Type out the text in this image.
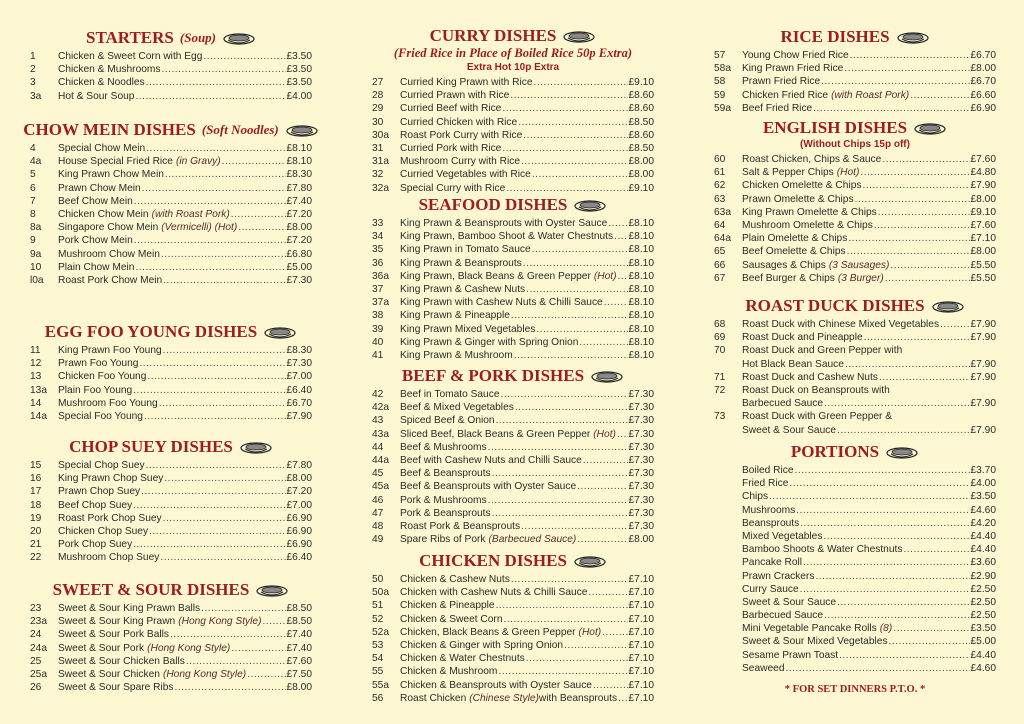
STARTERS (Soup)
1	Chicken & Sweet Corn with Egg .....	£3.50
2	Chicken & Mushrooms .....	£3.50
3	Chicken & Noodles .....	£3.50
3a	Hot & Sour Soup .....	£4.00
CHOW MEIN DISHES (Soft Noodles)
4	Special Chow Mein .....	£8.10
4a	House Special Fried Rice (in Gravy) .....	£8.10
5	King Prawn Chow Mein .....	£8.30
6	Prawn Chow Mein .....	£7.80
7	Beef Chow Mein .....	£7.40
8	Chicken Chow Mein (with Roast Pork) .....	£7.20
8a	Singapore Chow Mein (Vermicelli) (Hot) .....	£8.00
9	Pork Chow Mein .....	£7.20
9a	Mushroom Chow Mein .....	£6.80
10	Plain Chow Mein .....	£5.00
l0a	Roast Pork Chow Mein .....	£7.30
EGG FOO YOUNG DISHES
11	King Prawn Foo Young .....	£8.30
12	Prawn Foo Young .....	£7.30
13	Chicken Foo Young .....	£7.00
13a	Plain Foo Young .....	£6.40
14	Mushroom Foo Young .....	£6.70
14a	Special Foo Young .....	£7.90
CHOP SUEY DISHES
15	Special Chop Suey .....	£7.80
16	King Prawn Chop Suey .....	£8.00
17	Prawn Chop Suey .....	£7.20
18	Beef Chop Suey .....	£7.00
19	Roast Pork Chop Suey .....	£6.90
20	Chicken Chop Suey .....	£6.90
21	Pork Chop Suey .....	£6.90
22	Mushroom Chop Suey .....	£6.40
SWEET & SOUR DISHES
23	Sweet & Sour King Prawn Balls .....	£8.50
23a	Sweet & Sour King Prawn (Hong Kong Style) ..... £8.50
24	Sweet & Sour Pork Balls .....	£7.40
24a	Sweet & Sour Pork (Hong Kong Style) .....	£7.40
25	Sweet & Sour Chicken Balls .....	£7.60
25a	Sweet & Sour Chicken (Hong Kong Style) .....	£7.50
26	Sweet & Sour Spare Ribs .....	£8.00
CURRY DISHES
(Fried Rice in Place of Boiled Rice 50p Extra)
Extra Hot 10p Extra
27	Curried King Prawn with Rice .....	£9.10
28	Curried Prawn with Rice .....	£8.60
29	Curried Beef with Rice .....	£8.60
30	Curried Chicken with Rice .....	£8.50
30a	Roast Pork Curry with Rice .....	£8.60
31	Curried Pork with Rice .....	£8.50
31a	Mushroom Curry with Rice .....	£8.00
32	Curried Vegetables with Rice .....	£8.00
32a	Special Curry with Rice .....	£9.10
SEAFOOD DISHES
33	King Prawn & Beansprouts with Oyster Sauce ..... £8.10
34	King Prawn, Bamboo Shoot & Water Chestnuts ..... £8.10
35	King Prawn in Tomato Sauce .....	£8.10
36	King Prawn & Beansprouts .....	£8.10
36a	King Prawn, Black Beans & Green Pepper (Hot) ..... £8.10
37	King Prawn & Cashew Nuts .....	£8.10
37a	King Prawn with Cashew Nuts & Chilli Sauce .....	£8.10
38	King Prawn & Pineapple .....	£8.10
39	King Prawn Mixed Vegetables .....	£8.10
40	King Prawn & Ginger with Spring Onion .....	£8.10
41	King Prawn & Mushroom .....	£8.10
BEEF & PORK DISHES
42	Beef in Tomato Sauce .....	£7.30
42a	Beef & Mixed Vegetables .....	£7.30
43	Spiced Beef & Onion .....	£7.30
43a	Sliced Beef, Black Beans & Green Pepper (Hot) ..... £7.30
44	Beef & Mushrooms .....	£7.30
44a	Beef with Cashew Nuts and Chilli Sauce .....	£7.30
45	Beef & Beansprouts .....	£7.30
45a	Beef & Beansprouts with Oyster Sauce .....	£7.30
46	Pork & Mushrooms .....	£7.30
47	Pork & Beansprouts .....	£7.30
48	Roast Pork & Beansprouts .....	£7.30
49	Spare Ribs of Pork (Barbecued Sauce) .....	£8.00
CHICKEN DISHES
50	Chicken & Cashew Nuts .....	£7.10
50a	Chicken with Cashew Nuts & Chilli Sauce .....	£7.10
51	Chicken & Pineapple .....	£7.10
52	Chicken & Sweet Corn .....	£7.10
52a	Chicken, Black Beans & Green Pepper (Hot) .....	£7.10
53	Chicken & Ginger with Spring Onion .....	£7.10
54	Chicken & Water Chestnuts .....	£7.10
55	Chicken & Mushroom .....	£7.10
55a	Chicken & Beansprouts with Oyster Sauce .....	£7.10
56	Roast Chicken (Chinese Style) with Beansprouts ..... £7.10
* FOR SET DINNERS P.T.O. *
RICE DISHES
57	Young Chow Fried Rice .....	£6.70
58a	King Prawn Fried Rice .....	£8.00
58	Prawn Fried Rice .....	£6.70
59	Chicken Fried Rice (with Roast Pork) .....	£6.60
59a	Beef Fried Rice .....	£6.90
ENGLISH DISHES
(Without Chips 15p off)
60	Roast Chicken, Chips & Sauce .....	£7.60
61	Salt & Pepper Chips (Hot) .....	£4.80
62	Chicken Omelette & Chips .....	£7.90
63	Prawn Omelette & Chips .....	£8.00
63a	King Prawn Omelette & Chips .....	£9.10
64	Mushroom Omelette & Chips .....	£7.60
64a	Plain Omelette & Chips .....	£7.10
65	Beef Omelette & Chips .....	£8.00
66	Sausages & Chips (3 Sausages) .....	£5.50
67	Beef Burger & Chips (3 Burger) .....	£5.50
ROAST DUCK DISHES
68	Roast Duck with Chinese Mixed Vegetables .....	£7.90
69	Roast Duck and Pineapple .....	£7.90
70	Roast Duck and Green Pepper with
Hot Black Bean Sauce .....	£7.90
71	Roast Duck and Cashew Nuts .....	£7.90
72	Roast Duck on Beansprouts with
Barbecued Sauce .....	£7.90
73	Roast Duck with Green Pepper &
Sweet & Sour Sauce .....	£7.90
PORTIONS
Boiled Rice .....	£3.70
Fried Rice .....	£4.00
Chips .....	£3.50
Mushrooms .....	£4.60
Beansprouts .....	£4.20
Mixed Vegetables .....	£4.40
Bamboo Shoots & Water Chestnuts .....	£4.40
Pancake Roll .....	£3.60
Prawn Crackers .....	£2.90
Curry Sauce .....	£2.50
Sweet & Sour Sauce .....	£2.50
Barbecued Sauce .....	£2.50
Mini Vegetable Pancake Rolls (8) .....	£3.50
Sweet & Sour Mixed Vegetables .....	£5.00
Sesame Prawn Toast .....	£4.40
Seaweed .....	£4.60
